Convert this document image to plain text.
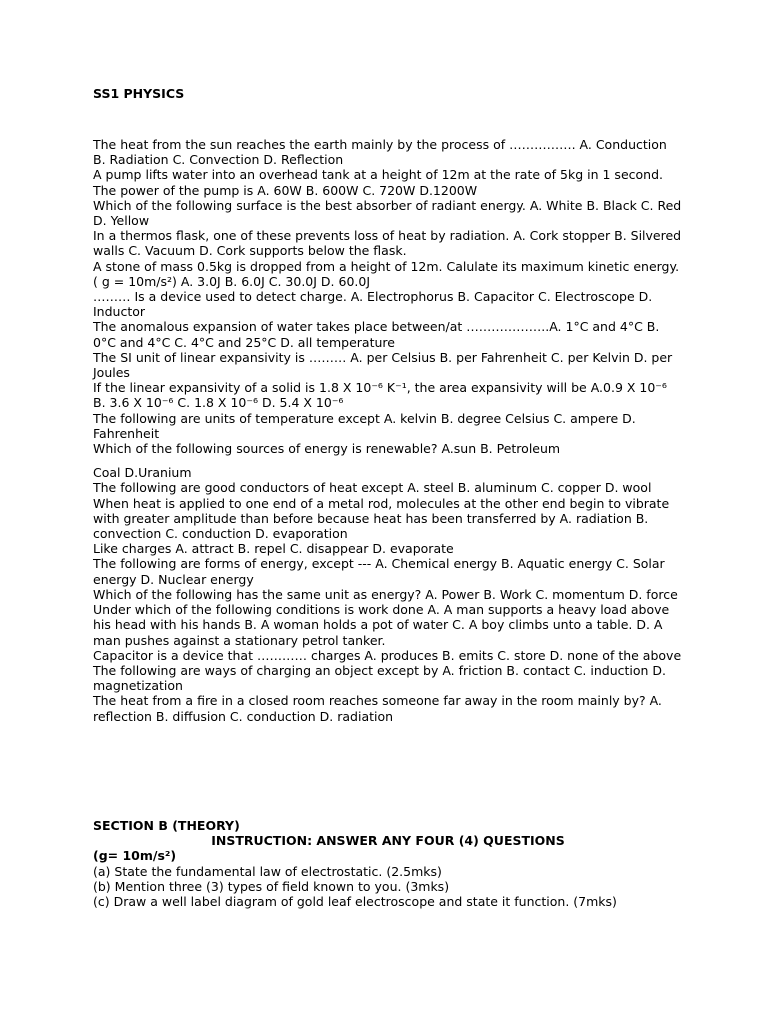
SS1 PHYSICS

The heat from the sun reaches the earth mainly by the process of ……………. A. Conduction B. Radiation C. Convection D. Reflection

A pump lifts water into an overhead tank at a height of 12m at the rate of 5kg in 1 second. The power of the pump is A. 60W B. 600W C. 720W D.1200W

Which of the following surface is the best absorber of radiant energy. A. White B. Black C. Red D. Yellow

In a thermos flask, one of these prevents loss of heat by radiation. A. Cork stopper B. Silvered walls C. Vacuum D. Cork supports below the flask.

A stone of mass 0.5kg is dropped from a height of 12m. Calulate its maximum kinetic energy. ( g = 10m/s²) A. 3.0J B. 6.0J C. 30.0J D. 60.0J

……… Is a device used to detect charge. A. Electrophorus B. Capacitor C. Electroscope D. Inductor

The anomalous expansion of water takes place between/at ………………..A. 1°C and 4°C B. 0°C and 4°C C. 4°C and 25°C D. all temperature

The SI unit of linear expansivity is ……… A. per Celsius B. per Fahrenheit C. per Kelvin D. per Joules

If the linear expansivity of a solid is 1.8 X 10⁻⁶ K⁻¹, the area expansivity will be A.0.9 X 10⁻⁶ B. 3.6 X 10⁻⁶ C. 1.8 X 10⁻⁶ D. 5.4 X 10⁻⁶

The following are units of temperature except A. kelvin B. degree Celsius C. ampere D. Fahrenheit

Which of the following sources of energy is renewable? A.sun B. Petroleum

Coal D.Uranium

The following are good conductors of heat except A. steel B. aluminum C. copper D. wool

When heat is applied to one end of a metal rod, molecules at the other end begin to vibrate with greater amplitude than before because heat has been transferred by A. radiation B. convection C. conduction D. evaporation

Like charges A. attract B. repel C. disappear D. evaporate

The following are forms of energy, except --- A. Chemical energy B. Aquatic energy C. Solar energy D. Nuclear energy

Which of the following has the same unit as energy? A. Power B. Work C. momentum D. force

Under which of the following conditions is work done A. A man supports a heavy load above his head with his hands B. A woman holds a pot of water C. A boy climbs unto a table. D. A man pushes against a stationary petrol tanker.

Capacitor is a device that ………… charges A. produces B. emits C. store D. none of the above

The following are ways of charging an object except by A. friction B. contact C. induction D. magnetization

The heat from a fire in a closed room reaches someone far away in the room mainly by? A. reflection B. diffusion C. conduction D. radiation

SECTION B (THEORY)

INSTRUCTION: ANSWER ANY FOUR (4) QUESTIONS

(g= 10m/s²)

(a) State the fundamental law of electrostatic. (2.5mks)

(b) Mention three (3) types of field known to you. (3mks)

(c) Draw a well label diagram of gold leaf electroscope and state it function. (7mks)
